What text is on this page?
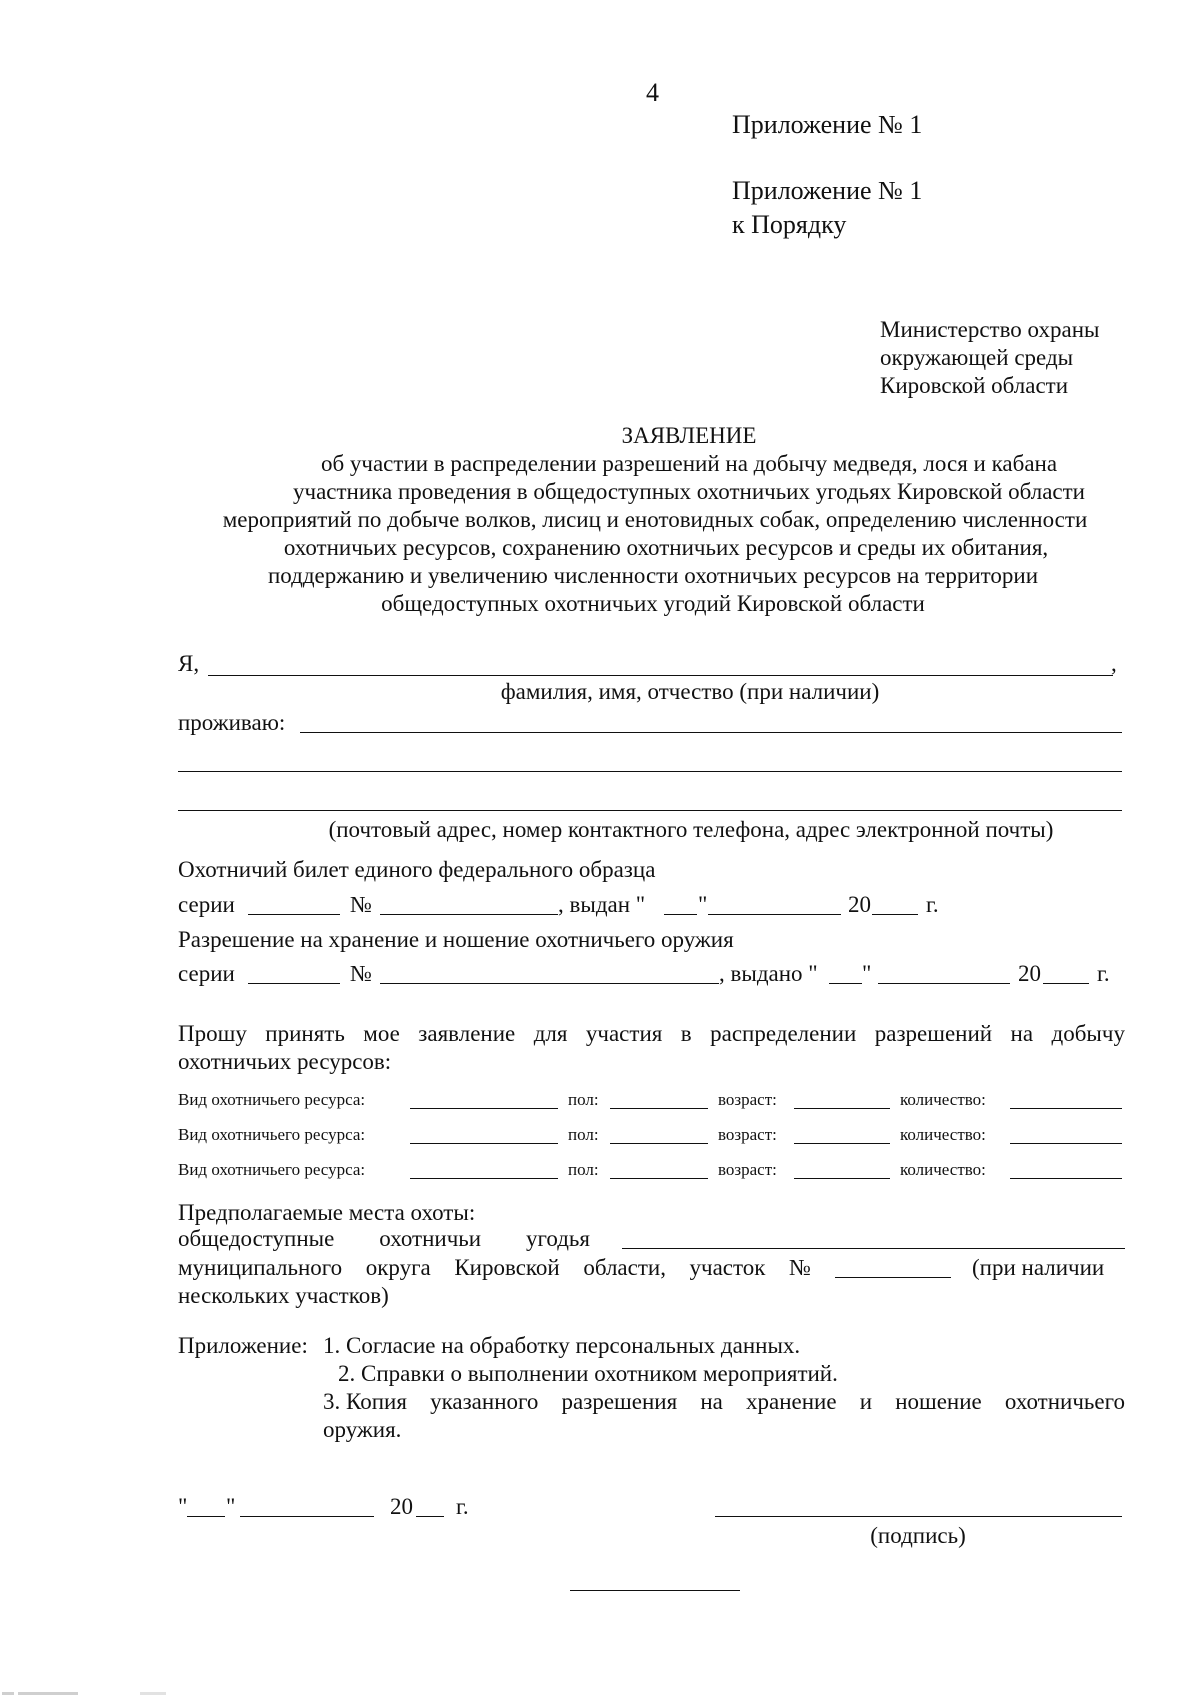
4
Приложение № 1
Приложение № 1
к Порядку
Министерство охраны
окружающей среды
Кировской области
ЗАЯВЛЕНИЕ
об участии в распределении разрешений на добычу медведя, лося и кабана
участника проведения в общедоступных охотничьих угодьях Кировской области
мероприятий по добыче волков, лисиц и енотовидных собак, определению численности
охотничьих ресурсов, сохранению охотничьих ресурсов и среды их обитания,
поддержанию и увеличению численности охотничьих ресурсов на территории
общедоступных охотничьих угодий Кировской области
Я,	,
фамилия, имя, отчество (при наличии)
проживаю:
(почтовый адрес, номер контактного телефона, адрес электронной почты)
Охотничий билет единого федерального образца
серии	№	, выдан " "	20 г.
Разрешение на хранение и ношение охотничьего оружия
серии	№	, выдано " "	20 г.
Прошу принять мое заявление для участия в распределении разрешений на добычу
охотничьих ресурсов:
Вид охотничьего ресурса:	пол:	возраст:	количество:
Вид охотничьего ресурса:	пол:	возраст:	количество:
Вид охотничьего ресурса:	пол:	возраст:	количество:
Предполагаемые места охоты:
общедоступные охотничьи угодья
муниципального округа Кировской области, участок №	(при наличии
нескольких участков)
Приложение: 1. Согласие на обработку персональных данных.
2. Справки о выполнении охотником мероприятий.
3. Копия указанного разрешения на хранение и ношение охотничьего
оружия.
" "	20 г.
(подпись)
